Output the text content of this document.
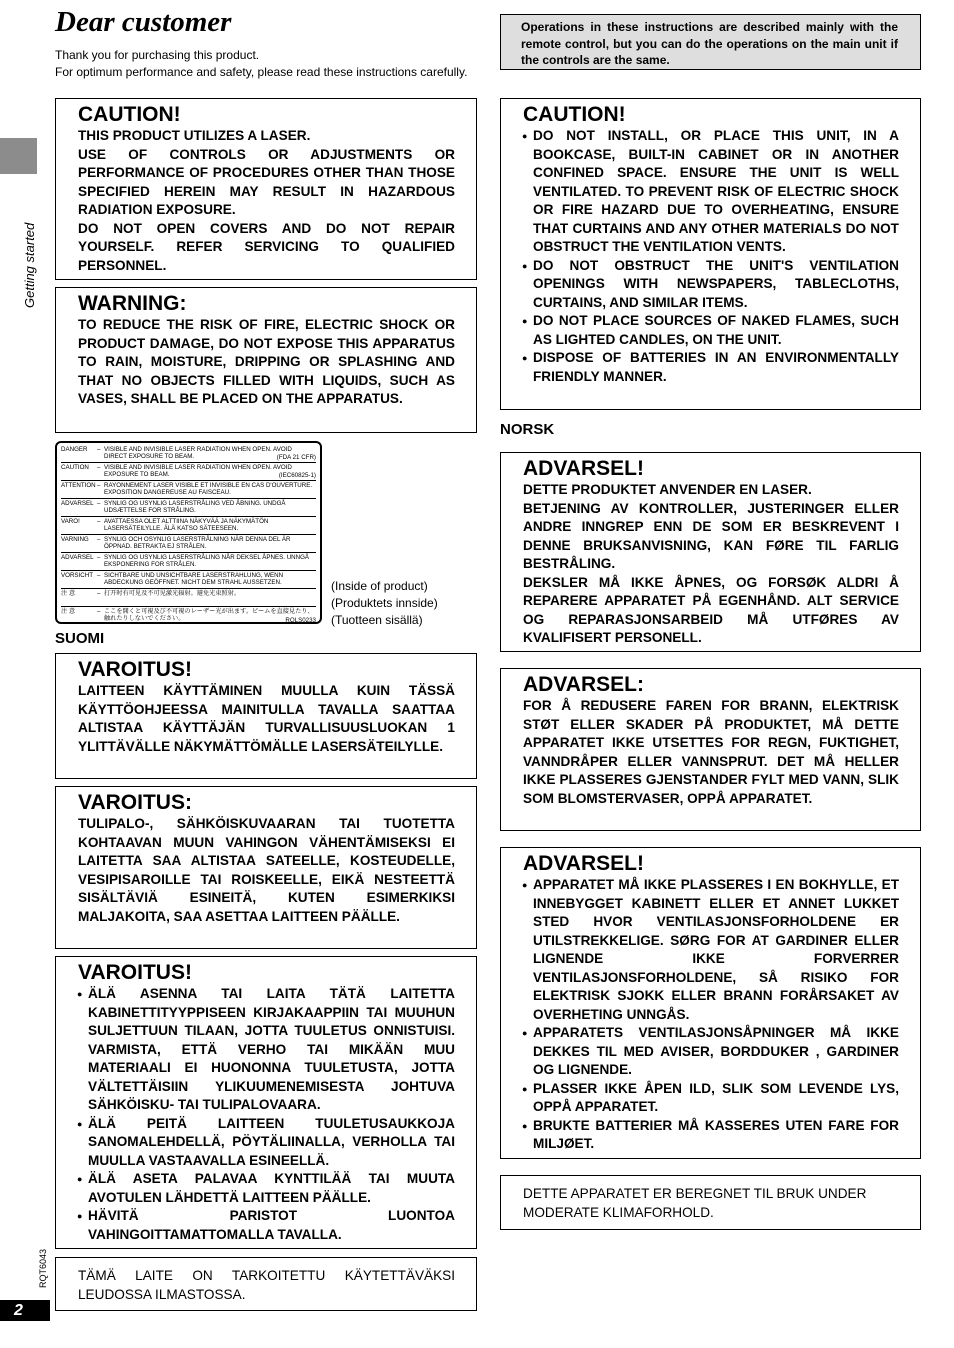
Getting started
RQT6043
2
Dear customer
Thank you for purchasing this product.
For optimum performance and safety, please read these instructions carefully.
Operations in these instructions are described mainly with the remote control, but you can do the operations on the main unit if the controls are the same.
CAUTION!

THIS PRODUCT UTILIZES A LASER.

USE OF CONTROLS OR ADJUSTMENTS OR PERFORMANCE OF PROCEDURES OTHER THAN THOSE SPECIFIED HEREIN MAY RESULT IN HAZARDOUS RADIATION EXPOSURE.

DO NOT OPEN COVERS AND DO NOT REPAIR YOURSELF. REFER SERVICING TO QUALIFIED PERSONNEL.

WARNING:

TO REDUCE THE RISK OF FIRE, ELECTRIC SHOCK OR PRODUCT DAMAGE, DO NOT EXPOSE THIS APPARATUS TO RAIN, MOISTURE, DRIPPING OR SPLASHING AND THAT NO OBJECTS FILLED WITH LIQUIDS, SUCH AS VASES, SHALL BE PLACED ON THE APPARATUS.

DANGER	– VISIBLE AND INVISIBLE LASER RADIATION WHEN OPEN. AVOID DIRECT EXPOSURE TO BEAM.	(FDA 21 CFR)
CAUTION	– VISIBLE AND INVISIBLE LASER RADIATION WHEN OPEN. AVOID EXPOSURE TO BEAM.	(IEC60825-1)
ATTENTION – RAYONNEMENT LASER VISIBLE ET INVISIBLE EN CAS D'OUVERTURE. EXPOSITION DANGEREUSE AU FAISCEAU.
ADVARSEL – SYNLIG OG USYNLIG LASERSTRÅLING VED ÅBNING. UNDGÅ UDSÆTTELSE FOR STRÅLING.
VARO!	– AVATTAESSA OLET ALTTIINA NÄKYVÄÄ JA NÄKYMÄTÖN LASERSÄTEILYLLE. ÄLÄ KATSO SÄTEESEEN.
VARNING	– SYNLIG OCH OSYNLIG LASERSTRÅLNING NÄR DENNA DEL ÄR ÖPPNAD. BETRAKTA EJ STRÅLEN.
ADVARSEL – SYNLIG OG USYNLIG LASERSTRÅLING NÅR DEKSEL ÅPNES. UNNGÅ EKSPONERING FOR STRÅLEN.
VORSICHT – SICHTBARE UND UNSICHTBARE LASERSTRAHLUNG, WENN ABDECKUNG GEÖFFNET. NICHT DEM STRAHL AUSSETZEN.
注 意	– 打开时有可见及不可见激光辐射。避免光束照射。
注 意	– ここを開くと可視及び不可視のレーザー光が出ます。ビームを直接見たり、触れたりしないでください。	RQLS0233
(Inside of product)
(Produktets innside)
(Tuotteen sisällä)
SUOMI
VAROITUS!

LAITTEEN KÄYTTÄMINEN MUULLA KUIN TÄSSÄ KÄYTTÖOHJEESSA MAINITULLA TAVALLA SAATTAA ALTISTAA KÄYTTÄJÄN TURVALLISUUSLUOKAN 1 YLITTÄVÄLLE NÄKYMÄTTÖMÄLLE LASERSÄTEILYLLE.

VAROITUS:

TULIPALO-, SÄHKÖISKUVAARAN TAI TUOTETTA KOHTAAVAN MUUN VAHINGON VÄHENTÄMISEKSI EI LAITETTA SAA ALTISTAA SATEELLE, KOSTEUDELLE, VESIPISAROILLE TAI ROISKEELLE, EIKÄ NESTEETTÄ SISÄLTÄVIÄ ESINEITÄ, KUTEN ESIMERKIKSI MALJAKOITA, SAA ASETTAA LAITTEEN PÄÄLLE.

VAROITUS!
● ÄLÄ ASENNA TAI LAITA TÄTÄ LAITETTA KABINETTITYYPPISEEN KIRJAKAAPPIIN TAI MUUHUN SULJETTUUN TILAAN, JOTTA TUULETUS ONNISTUISI. VARMISTA, ETTÄ VERHO TAI MIKÄÄN MUU MATERIAALI EI HUONONNA TUULETUSTA, JOTTA VÄLTETTÄISIIN YLIKUUMENEMISESTA JOHTUVA SÄHKÖISKU- TAI TULIPALOVAARA.
● ÄLÄ PEITÄ LAITTEEN TUULETUSAUKKOJA SANOMALEHDELLÄ, PÖYTÄLIINALLA, VERHOLLA TAI MUULLA VASTAAVALLA ESINEELLÄ.
● ÄLÄ ASETA PALAVAA KYNTTILÄÄ TAI MUUTA AVOTULEN LÄHDETTÄ LAITTEEN PÄÄLLE.
● HÄVITÄ PARISTOT LUONTOA VAHINGOITTAMATTOMALLA TAVALLA.

TÄMÄ LAITE ON TARKOITETTU KÄYTETTÄVÄKSI LEUDOSSA ILMASTOSSA.

CAUTION!
● DO NOT INSTALL, OR PLACE THIS UNIT, IN A BOOKCASE, BUILT-IN CABINET OR IN ANOTHER CONFINED SPACE. ENSURE THE UNIT IS WELL VENTILATED. TO PREVENT RISK OF ELECTRIC SHOCK OR FIRE HAZARD DUE TO OVERHEATING, ENSURE THAT CURTAINS AND ANY OTHER MATERIALS DO NOT OBSTRUCT THE VENTILATION VENTS.
● DO NOT OBSTRUCT THE UNIT'S VENTILATION OPENINGS WITH NEWSPAPERS, TABLECLOTHS, CURTAINS, AND SIMILAR ITEMS.
● DO NOT PLACE SOURCES OF NAKED FLAMES, SUCH AS LIGHTED CANDLES, ON THE UNIT.
● DISPOSE OF BATTERIES IN AN ENVIRONMENTALLY FRIENDLY MANNER.
NORSK
ADVARSEL!

DETTE PRODUKTET ANVENDER EN LASER.

BETJENING AV KONTROLLER, JUSTERINGER ELLER ANDRE INNGREP ENN DE SOM ER BESKREVENT I DENNE BRUKSANVISNING, KAN FØRE TIL FARLIG BESTRÅLING.

DEKSLER MÅ IKKE ÅPNES, OG FORSØK ALDRI Å REPARERE APPARATET PÅ EGENHÅND. ALT SERVICE OG REPARASJONSARBEID MÅ UTFØRES AV KVALIFISERT PERSONELL.

ADVARSEL:

FOR Å REDUSERE FAREN FOR BRANN, ELEKTRISK STØT ELLER SKADER PÅ PRODUKTET, MÅ DETTE APPARATET IKKE UTSETTES FOR REGN, FUKTIGHET, VANNDRÅPER ELLER VANNSPRUT. DET MÅ HELLER IKKE PLASSERES GJENSTANDER FYLT MED VANN, SLIK SOM BLOMSTERVASER, OPPÅ APPARATET.

ADVARSEL!
● APPARATET MÅ IKKE PLASSERES I EN BOKHYLLE, ET INNEBYGGET KABINETT ELLER ET ANNET LUKKET STED HVOR VENTILASJONSFORHOLDENE ER UTILSTREKKELIGE. SØRG FOR AT GARDINER ELLER LIGNENDE IKKE FORVERRER VENTILASJONSFORHOLDENE, SÅ RISIKO FOR ELEKTRISK SJOKK ELLER BRANN FORÅRSAKET AV OVERHETING UNNGÅS.
● APPARATETS VENTILASJONSÅPNINGER MÅ IKKE DEKKES TIL MED AVISER, BORDDUKER , GARDINER OG LIGNENDE.
● PLASSER IKKE ÅPEN ILD, SLIK SOM LEVENDE LYS, OPPÅ APPARATET.
● BRUKTE BATTERIER MÅ KASSERES UTEN FARE FOR MILJØET.

DETTE APPARATET ER BEREGNET TIL BRUK UNDER MODERATE KLIMAFORHOLD.
